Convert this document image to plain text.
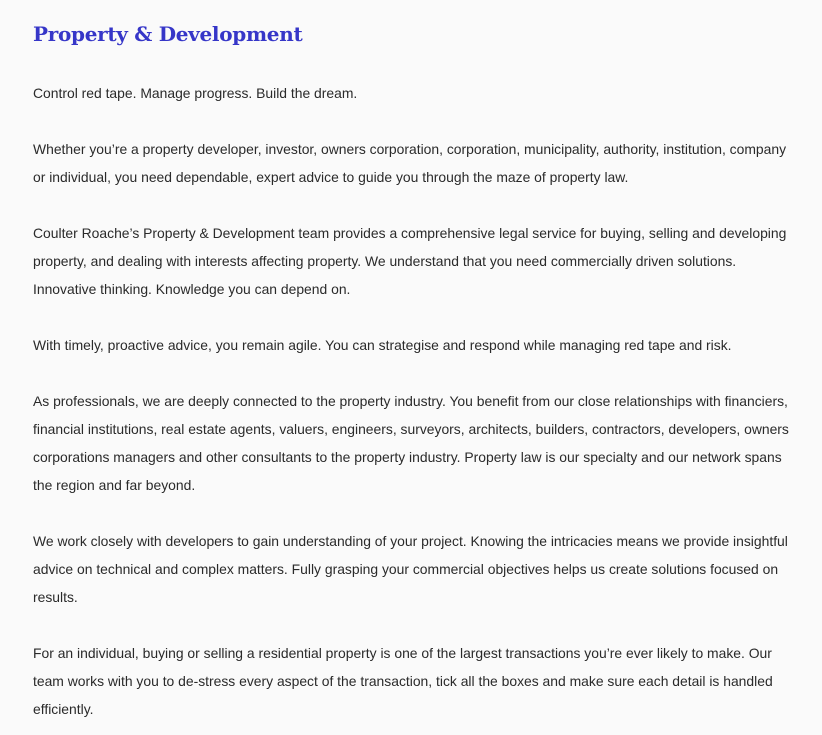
Property & Development

Control red tape. Manage progress. Build the dream.

Whether you’re a property developer, investor, owners corporation, corporation, municipality, authority, institution, company or individual, you need dependable, expert advice to guide you through the maze of property law.

Coulter Roache’s Property & Development team provides a comprehensive legal service for buying, selling and developing property, and dealing with interests affecting property. We understand that you need commercially driven solutions. Innovative thinking. Knowledge you can depend on.

With timely, proactive advice, you remain agile. You can strategise and respond while managing red tape and risk.

As professionals, we are deeply connected to the property industry. You benefit from our close relationships with financiers, financial institutions, real estate agents, valuers, engineers, surveyors, architects, builders, contractors, developers, owners corporations managers and other consultants to the property industry. Property law is our specialty and our network spans the region and far beyond.

We work closely with developers to gain understanding of your project. Knowing the intricacies means we provide insightful advice on technical and complex matters. Fully grasping your commercial objectives helps us create solutions focused on results.

For an individual, buying or selling a residential property is one of the largest transactions you’re ever likely to make. Our team works with you to de-stress every aspect of the transaction, tick all the boxes and make sure each detail is handled efficiently.
